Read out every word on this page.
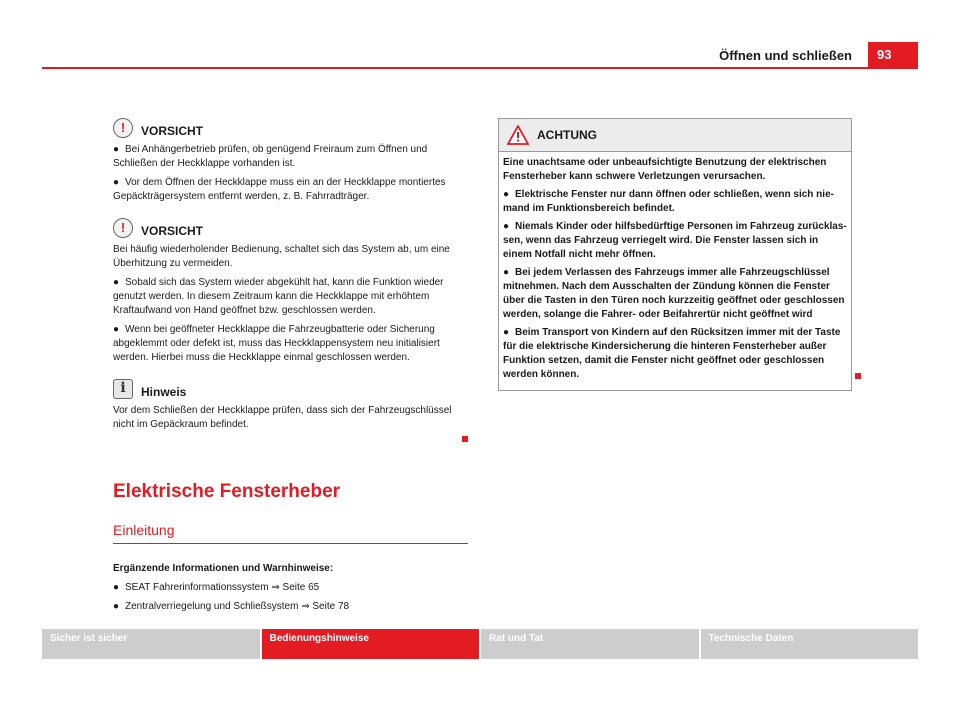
Öffnen und schließen	93
!	VORSICHT

● Bei Anhängerbetrieb prüfen, ob genügend Freiraum zum Öffnen und Schließen der Heckklappe vorhanden ist.

● Vor dem Öffnen der Heckklappe muss ein an der Heckklappe montiertes Gepäckträgersystem entfernt werden, z. B. Fahrradträger.

!	VORSICHT

Bei häufig wiederholender Bedienung, schaltet sich das System ab, um eine Überhitzung zu vermeiden.

● Sobald sich das System wieder abgekühlt hat, kann die Funktion wieder genutzt werden. In diesem Zeitraum kann die Heckklappe mit erhöhtem Kraftaufwand von Hand geöffnet bzw. geschlossen werden.

● Wenn bei geöffneter Heckklappe die Fahrzeugbatterie oder Sicherung abgeklemmt oder defekt ist, muss das Heckklappensystem neu initialisiert werden. Hierbei muss die Heckklappe einmal geschlossen werden.

i	Hinweis

Vor dem Schließen der Heckklappe prüfen, dass sich der Fahrzeugschlüssel nicht im Gepäckraum befindet.

Elektrische Fensterheber
Einleitung
Ergänzende Informationen und Warnhinweise:

● SEAT Fahrerinformationssystem ⇒ Seite 65

● Zentralverriegelung und Schließsystem ⇒ Seite 78

ACHTUNG

Eine unachtsame oder unbeaufsichtigte Benutzung der elektrischen Fensterheber kann schwere Verletzungen verursachen.

● Elektrische Fenster nur dann öffnen oder schließen, wenn sich niemand im Funktionsbereich befindet.

● Niemals Kinder oder hilfsbedürftige Personen im Fahrzeug zurücklassen, wenn das Fahrzeug verriegelt wird. Die Fenster lassen sich in einem Notfall nicht mehr öffnen.

● Bei jedem Verlassen des Fahrzeugs immer alle Fahrzeugschlüssel mitnehmen. Nach dem Ausschalten der Zündung können die Fenster über die Tasten in den Türen noch kurzzeitig geöffnet oder geschlossen werden, solange die Fahrer- oder Beifahrertür nicht geöffnet wird

● Beim Transport von Kindern auf den Rücksitzen immer mit der Taste für die elektrische Kindersicherung die hinteren Fensterheber außer Funktion setzen, damit die Fenster nicht geöffnet oder geschlossen werden können.

Sicher ist sicher	Bedienungshinweise	Rat und Tat	Technische Daten
